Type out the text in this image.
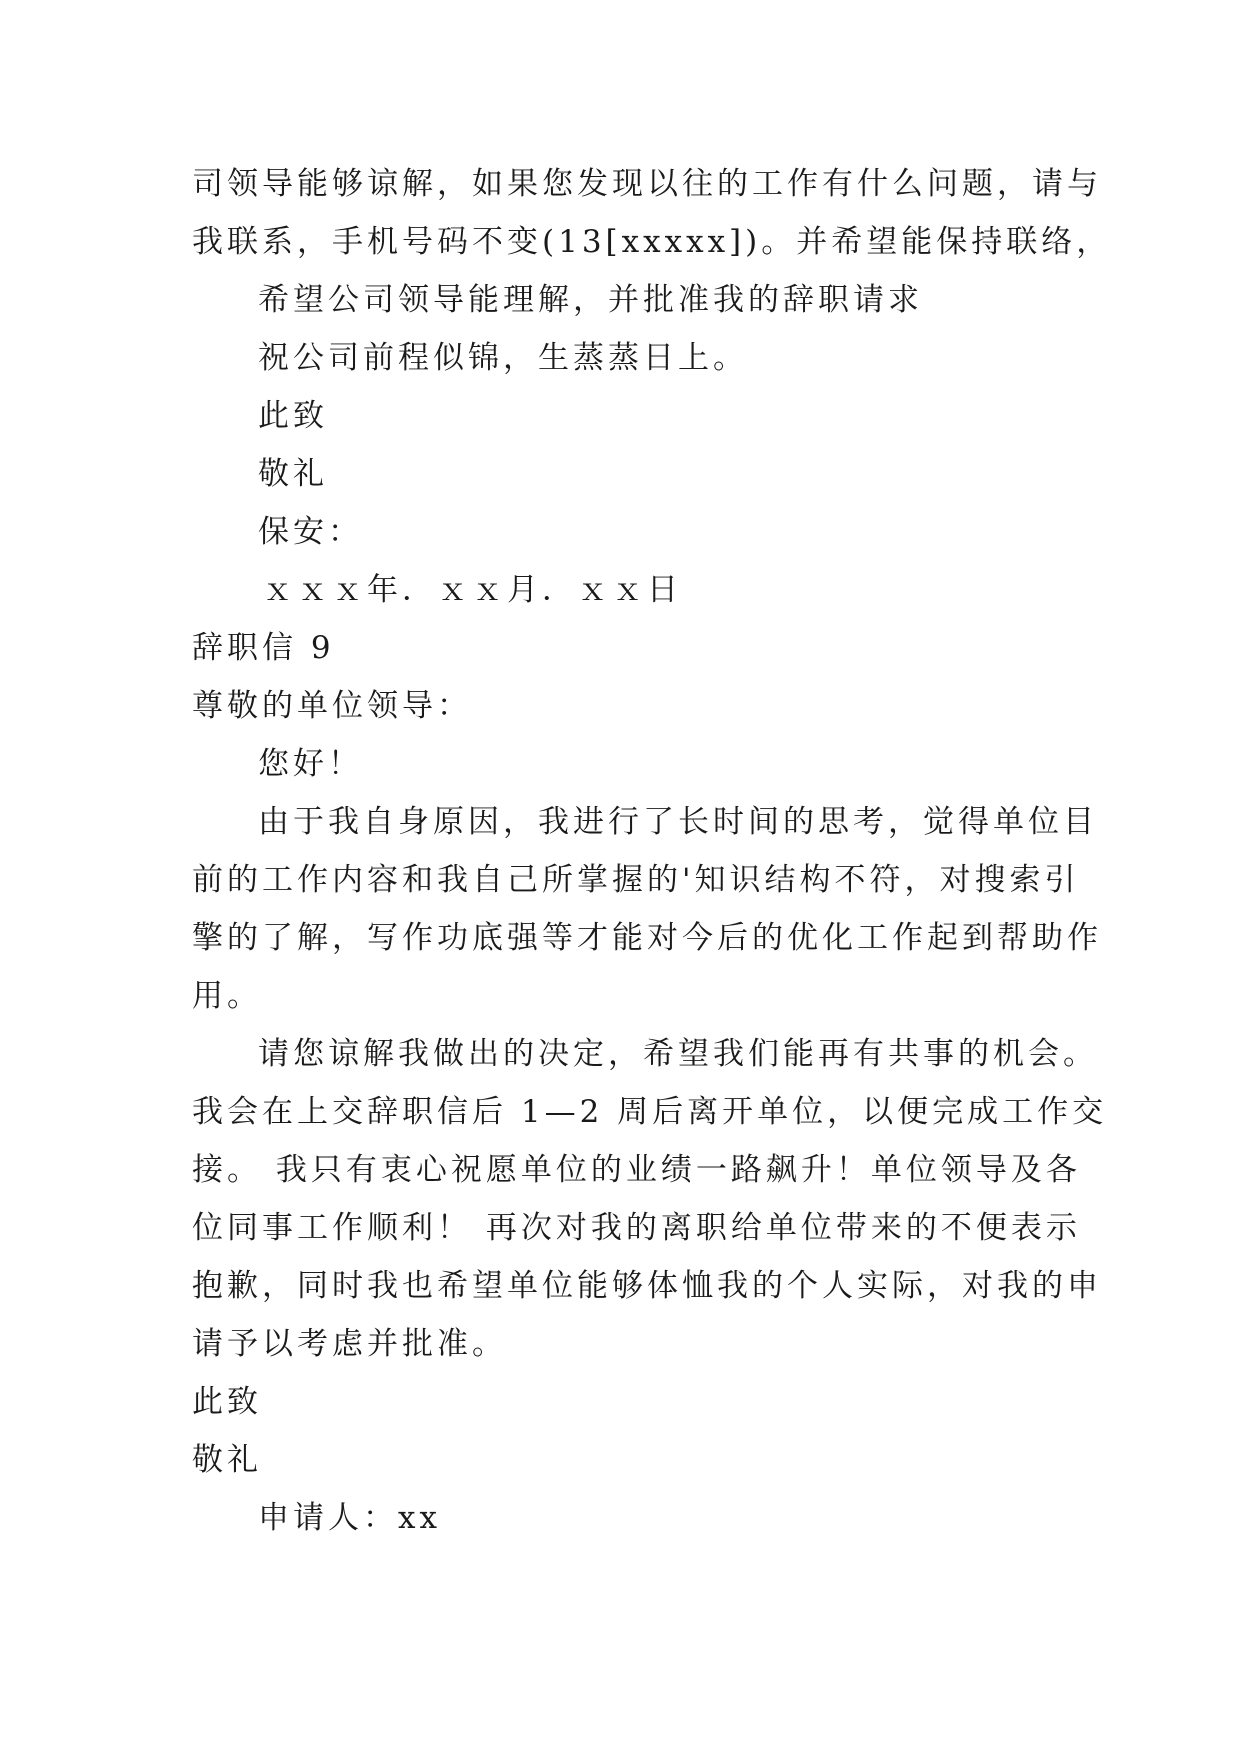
司领导能够谅解，如果您发现以往的工作有什么问题，请与
我联系，手机号码不变(13[xxxxx])。并希望能保持联络，
希望公司领导能理解，并批准我的辞职请求
祝公司前程似锦，生蒸蒸日上。
此致
敬礼
保安：
ｘｘｘ年．ｘｘ月．ｘｘ日
辞职信 9
尊敬的单位领导：
您好！
由于我自身原因，我进行了长时间的思考，觉得单位目
前的工作内容和我自己所掌握的'知识结构不符，对搜索引
擎的了解，写作功底强等才能对今后的优化工作起到帮助作
用。
请您谅解我做出的决定，希望我们能再有共事的机会。
我会在上交辞职信后 1—2 周后离开单位，以便完成工作交
接。 我只有衷心祝愿单位的业绩一路飙升！单位领导及各
位同事工作顺利！ 再次对我的离职给单位带来的不便表示
抱歉，同时我也希望单位能够体恤我的个人实际，对我的申
请予以考虑并批准。
此致
敬礼
申请人：xx
